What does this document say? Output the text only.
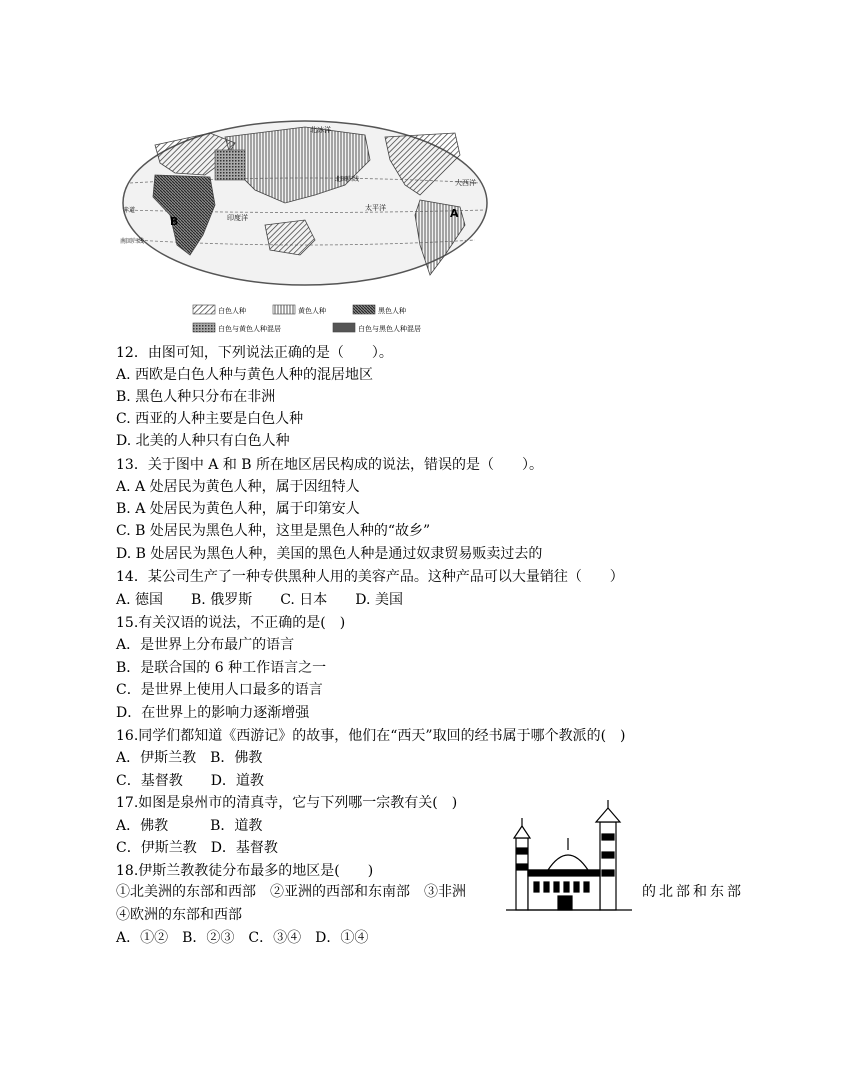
北冰洋
太平洋
大西洋
印度洋
北回归线
赤道
南回归线
A
B
白色人种	黄色人种	黑色人种
白色与黄色人种混居	白色与黑色人种混居
12．由图可知，下列说法正确的是（　　）。
A. 西欧是白色人种与黄色人种的混居地区
B. 黑色人种只分布在非洲
C. 西亚的人种主要是白色人种
D. 北美的人种只有白色人种
13．关于图中 A 和 B 所在地区居民构成的说法，错误的是（　　）。
A. A 处居民为黄色人种，属于因纽特人
B. A 处居民为黄色人种，属于印第安人
C. B 处居民为黑色人种，这里是黑色人种的“故乡”
D. B 处居民为黑色人种，美国的黑色人种是通过奴隶贸易贩卖过去的
14．某公司生产了一种专供黑种人用的美容产品。这种产品可以大量销往（　　）
A. 德国　　B. 俄罗斯　　C. 日本　　D. 美国
15.有关汉语的说法，不正确的是(　)
A．是世界上分布最广的语言
B．是联合国的 6 种工作语言之一
C．是世界上使用人口最多的语言
D．在世界上的影响力逐渐增强
16.同学们都知道《西游记》的故事，他们在“西天”取回的经书属于哪个教派的(　)
A．伊斯兰教　B．佛教
C．基督教　　D．道教
17.如图是泉州市的清真寺，它与下列哪一宗教有关(　)
A．佛教　　　B．道教
C．伊斯兰教　D．基督教
18.伊斯兰教教徒分布最多的地区是(　　)
①北美洲的东部和西部　②亚洲的西部和东南部　③非洲
④欧洲的东部和西部
A．①②　B．②③　C．③④　D．①④
的北部和东部
